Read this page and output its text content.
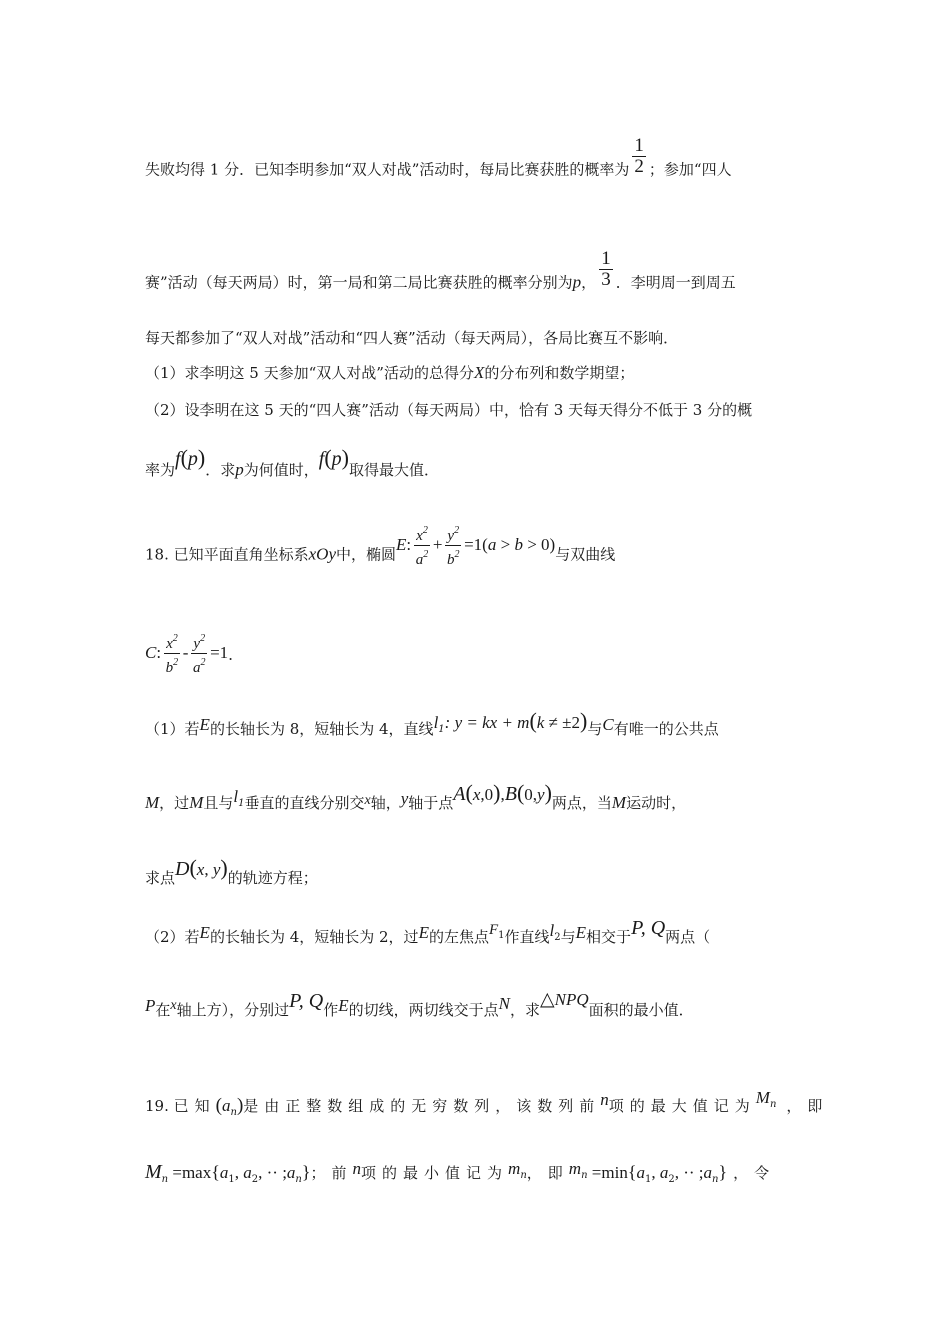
失败均得 1 分．已知李明参加“双人对战”活动时，每局比赛获胜的概率为 $\frac{1}{2}$ ；参加“四人
赛”活动（每天两局）时，第一局和第二局比赛获胜的概率分别为p， $\frac{1}{3}$ ．李明周一到周五
每天都参加了“双人对战”活动和“四人赛”活动（每天两局），各局比赛互不影响．
（1）求李明这 5 天参加“双人对战”活动的总得分X的分布列和数学期望；
（2）设李明在这 5 天的“四人赛”活动（每天两局）中，恰有 3 天每天得分不低于 3 分的概
率为f(p)．求p为何值时，f(p)取得最大值．
18. 已知平面直角坐标系xOy中，椭圆E: $\frac{x^2}{a^2} + \frac{y^2}{b^2} =1(a > b > 0)$与双曲线
C: $\frac{x^2}{b^2} - \frac{y^2}{a^2} =1$．
（1）若E的长轴长为 8，短轴长为 4，直线$l_1$: y = kx + m(k ≠ ±2)与C有唯一的公共点
M，过M且与$l_1$垂直的直线分别交x轴，y轴于点A(x,0),B(0,y)两点，当M运动时，
求点D(x, y)的轨迹方程；
（2）若E的长轴长为 4，短轴长为 2，过E的左焦点$F_1$作直线$l_2$与E相交于P, Q两点（
P在x轴上方），分别过P, Q作E的切线，两切线交于点N，求△NPQ面积的最小值．
19. 已知$(a_n)$是由正整数组成的无穷数列，该数列前n项的最大值记为$M_n$ ，即
$M_n =\max\{a_1$, $a_2$, ·· $;a_n$}；前n项的最小值记为$m_n$，即$m_n =\min\{a_1$, $a_2$, ·· $;a_n$} ，令
